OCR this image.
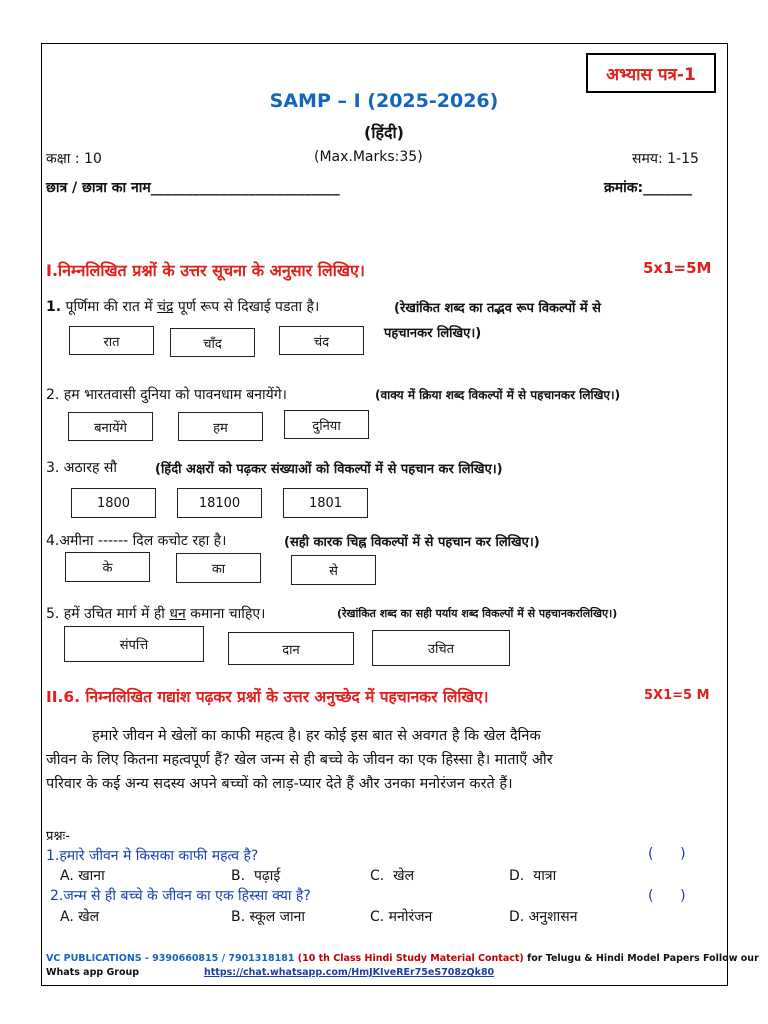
अभ्यास पत्र-1
SAMP – I (2025-2026)
(हिंदी)
कक्षा : 10	(Max.Marks:35)	समय: 1-15
छात्र / छात्रा का नाम___________________________	क्रमांक:_______
I.निम्नलिखित प्रश्नों के उत्तर सूचना के अनुसार लिखिए।	5x1=5M
1. पूर्णिमा की रात में चंद्र पूर्ण रूप से दिखाई पडता है।	(रेखांकित शब्द का तद्भव रूप विकल्पों में से
पहचानकर लिखिए।)
रात	चाँद	चंद
2. हम भारतवासी दुनिया को पावनधाम बनायेंगे।	(वाक्य में क्रिया शब्द विकल्पों में से पहचानकर लिखिए।)
बनायेंगे	हम	दुनिया
3. अठारह सौ	(हिंदी अक्षरों को पढ़कर संख्याओं को विकल्पों में से पहचान कर लिखिए।)
1800	18100	1801
4.अमीना ------ दिल कचोट रहा है।	(सही कारक चिह्न विकल्पों में से पहचान कर लिखिए।)
के	का	से
5. हमें उचित मार्ग में ही धन कमाना चाहिए।	(रेखांकित शब्द का सही पर्याय शब्द विकल्पों में से पहचानकरलिखिए।)
संपत्ति	दान	उचित
II.6. निम्नलिखित गद्यांश पढ़कर प्रश्नों के उत्तर अनुच्छेद में पहचानकर लिखिए।	5X1=5 M
हमारे जीवन मे खेलों का काफी महत्व है। हर कोई इस बात से अवगत है कि खेल दैनिक
जीवन के लिए कितना महत्वपूर्ण हैं? खेल जन्म से ही बच्चे के जीवन का एक हिस्सा है। माताएँ और
परिवार के कई अन्य सदस्य अपने बच्चों को लाड़-प्यार देते हैं और उनका मनोरंजन करते हैं।
प्रश्नः-
1.हमारे जीवन मे किसका काफी महत्व है?	(      )
A. खाना	B.  पढ़ाई	C.  खेल	D.  यात्रा
2.जन्म से ही बच्चे के जीवन का एक हिस्सा क्या है?	(      )
A. खेल	B. स्कूल जाना	C. मनोरंजन	D. अनुशासन
VC PUBLICATIONS - 9390660815 / 7901318181 (10 th Class Hindi Study Material Contact) for Telugu & Hindi Model Papers Follow our
Whats app Group	https://chat.whatsapp.com/HmJKIveREr75eS708zQk80
